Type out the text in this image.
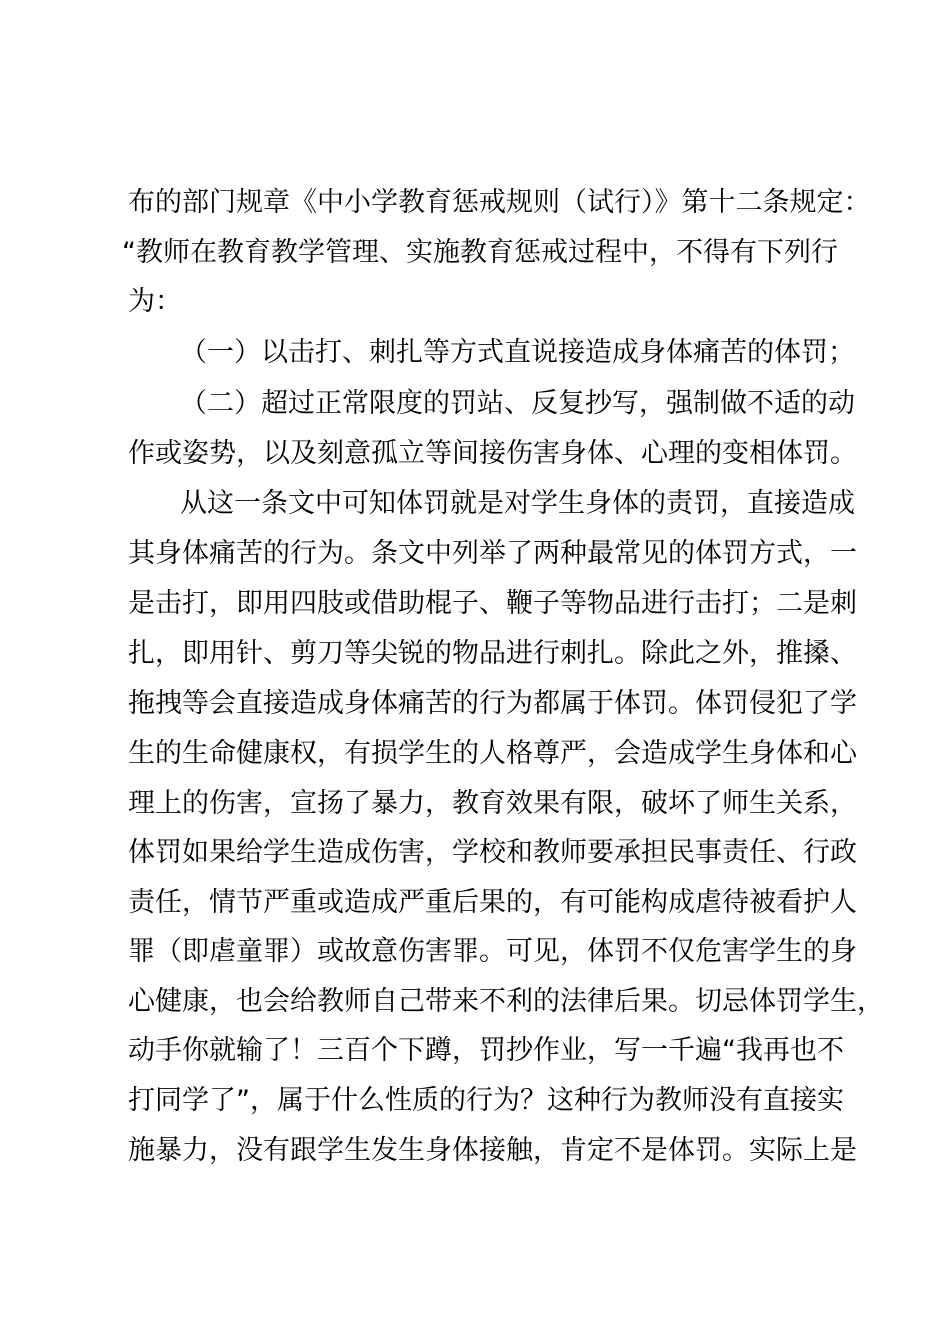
布的部门规章《中小学教育惩戒规则（试行）》第十二条规定：
“教师在教育教学管理、实施教育惩戒过程中，不得有下列行
为：
（一）以击打、刺扎等方式直说接造成身体痛苦的体罚；
（二）超过正常限度的罚站、反复抄写，强制做不适的动
作或姿势，以及刻意孤立等间接伤害身体、心理的变相体罚。
从这一条文中可知体罚就是对学生身体的责罚，直接造成
其身体痛苦的行为。条文中列举了两种最常见的体罚方式，一
是击打，即用四肢或借助棍子、鞭子等物品进行击打；二是刺
扎，即用针、剪刀等尖锐的物品进行刺扎。除此之外，推搡、
拖拽等会直接造成身体痛苦的行为都属于体罚。体罚侵犯了学
生的生命健康权，有损学生的人格尊严，会造成学生身体和心
理上的伤害，宣扬了暴力，教育效果有限，破坏了师生关系，
体罚如果给学生造成伤害，学校和教师要承担民事责任、行政
责任，情节严重或造成严重后果的，有可能构成虐待被看护人
罪（即虐童罪）或故意伤害罪。可见，体罚不仅危害学生的身
心健康，也会给教师自己带来不利的法律后果。切忌体罚学生，
动手你就输了！三百个下蹲，罚抄作业，写一千遍“我再也不
打同学了”，属于什么性质的行为？这种行为教师没有直接实
施暴力，没有跟学生发生身体接触，肯定不是体罚。实际上是
